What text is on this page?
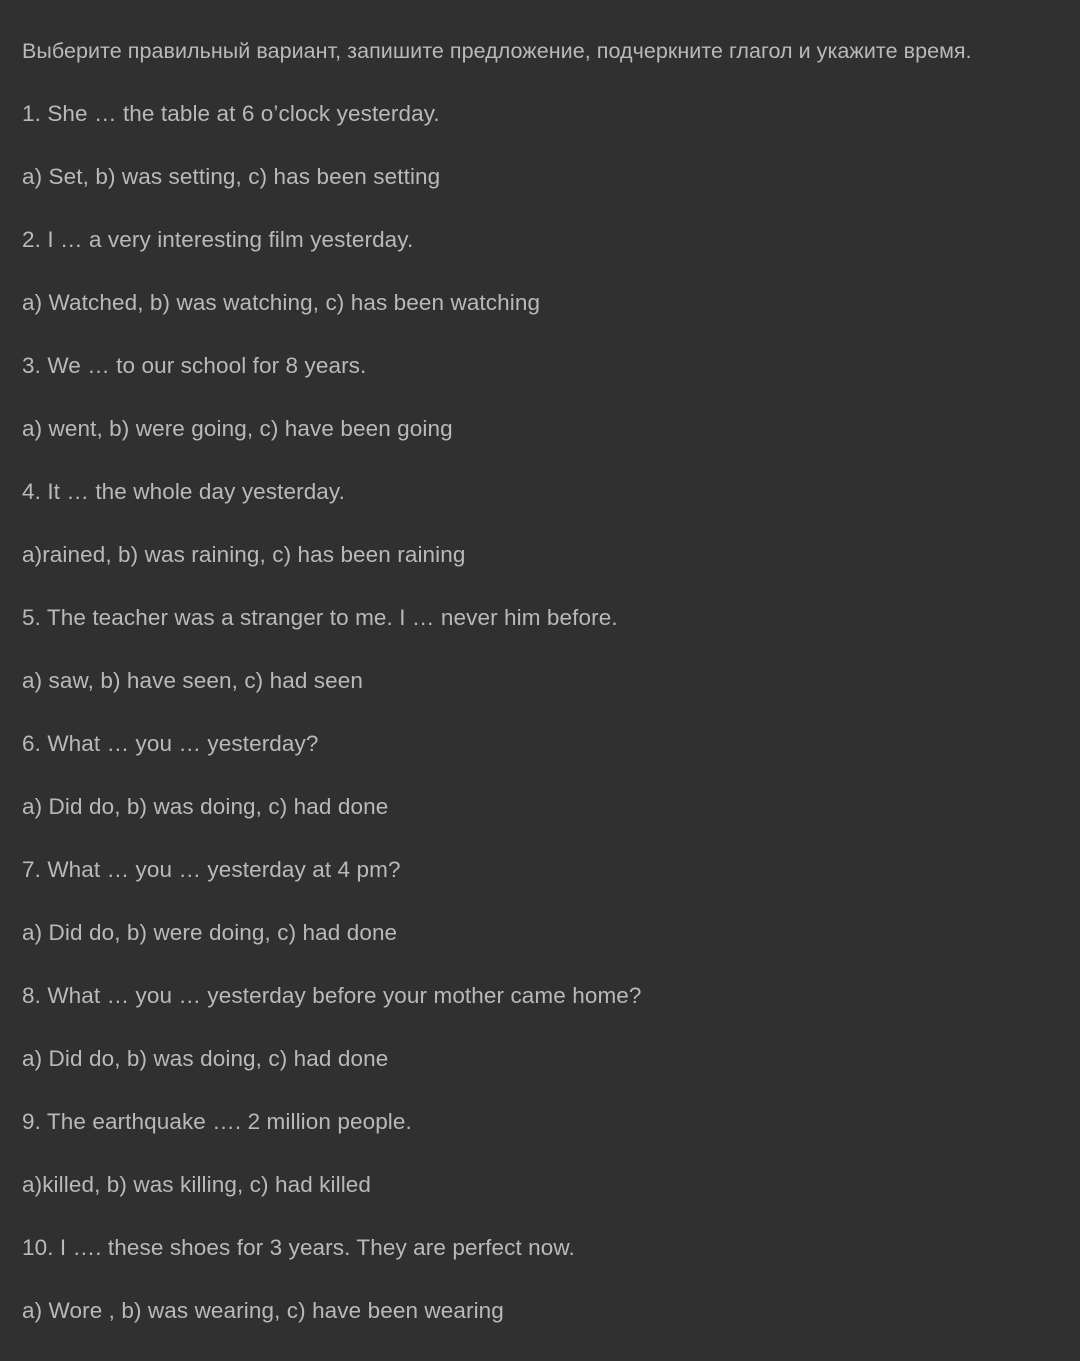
Выберите правильный вариант, запишите предложение, подчеркните глагол и укажите время.
1. She … the table at 6 o’clock yesterday.
a) Set, b) was setting, c) has been setting
2. I … a very interesting film yesterday.
a) Watched, b) was watching, c) has been watching
3. We … to our school for 8 years.
a) went, b) were going, c) have been going
4. It … the whole day yesterday.
a)rained, b) was raining, c) has been raining
5. The teacher was a stranger to me. I … never him before.
a) saw, b) have seen, c) had seen
6. What … you … yesterday?
a) Did do, b) was doing, c) had done
7. What … you … yesterday at 4 pm?
a) Did do, b) were doing, c) had done
8. What … you … yesterday before your mother came home?
a) Did do, b) was doing, c) had done
9. The earthquake …. 2 million people.
a)killed, b) was killing, c) had killed
10. I …. these shoes for 3 years. They are perfect now.
a) Wore , b) was wearing, c) have been wearing
